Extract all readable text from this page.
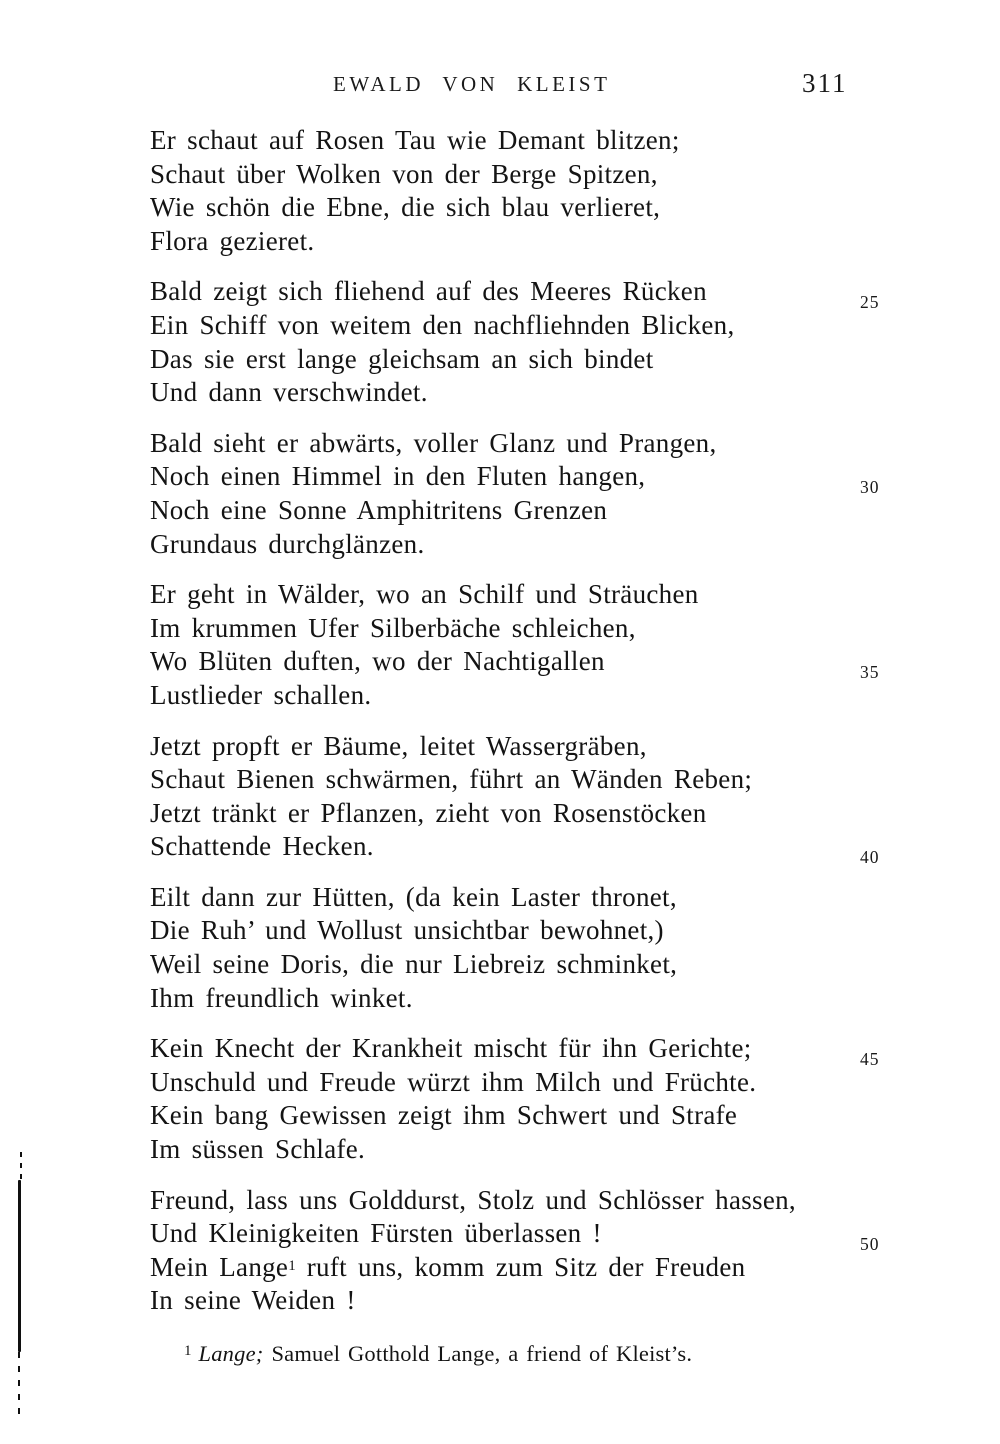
EWALD VON KLEIST	311
Er schaut auf Rosen Tau wie Demant blitzen;
Schaut über Wolken von der Berge Spitzen,
Wie schön die Ebne, die sich blau verlieret,
Flora gezieret.
Bald zeigt sich fliehend auf des Meeres Rücken	25
Ein Schiff von weitem den nachfliehnden Blicken,
Das sie erst lange gleichsam an sich bindet
Und dann verschwindet.
Bald sieht er abwärts, voller Glanz und Prangen,
Noch einen Himmel in den Fluten hangen,	30
Noch eine Sonne Amphitritens Grenzen
Grundaus durchglänzen.
Er geht in Wälder, wo an Schilf und Sträuchen
Im krummen Ufer Silberbäche schleichen,
Wo Blüten duften, wo der Nachtigallen	35
Lustlieder schallen.
Jetzt propft er Bäume, leitet Wassergräben,
Schaut Bienen schwärmen, führt an Wänden Reben;
Jetzt tränkt er Pflanzen, zieht von Rosenstöcken
Schattende Hecken.	40
Eilt dann zur Hütten, (da kein Laster thronet,
Die Ruh’ und Wollust unsichtbar bewohnet,)
Weil seine Doris, die nur Liebreiz schminket,
Ihm freundlich winket.
Kein Knecht der Krankheit mischt für ihn Gerichte;	45
Unschuld und Freude würzt ihm Milch und Früchte.
Kein bang Gewissen zeigt ihm Schwert und Strafe
Im süssen Schlafe.
Freund, lass uns Golddurst, Stolz und Schlösser hassen,
Und Kleinigkeiten Fürsten überlassen !	50
Mein Lange$^1$ ruft uns, komm zum Sitz der Freuden
In seine Weiden !
$^1$ Lange; Samuel Gotthold Lange, a friend of Kleist’s.
